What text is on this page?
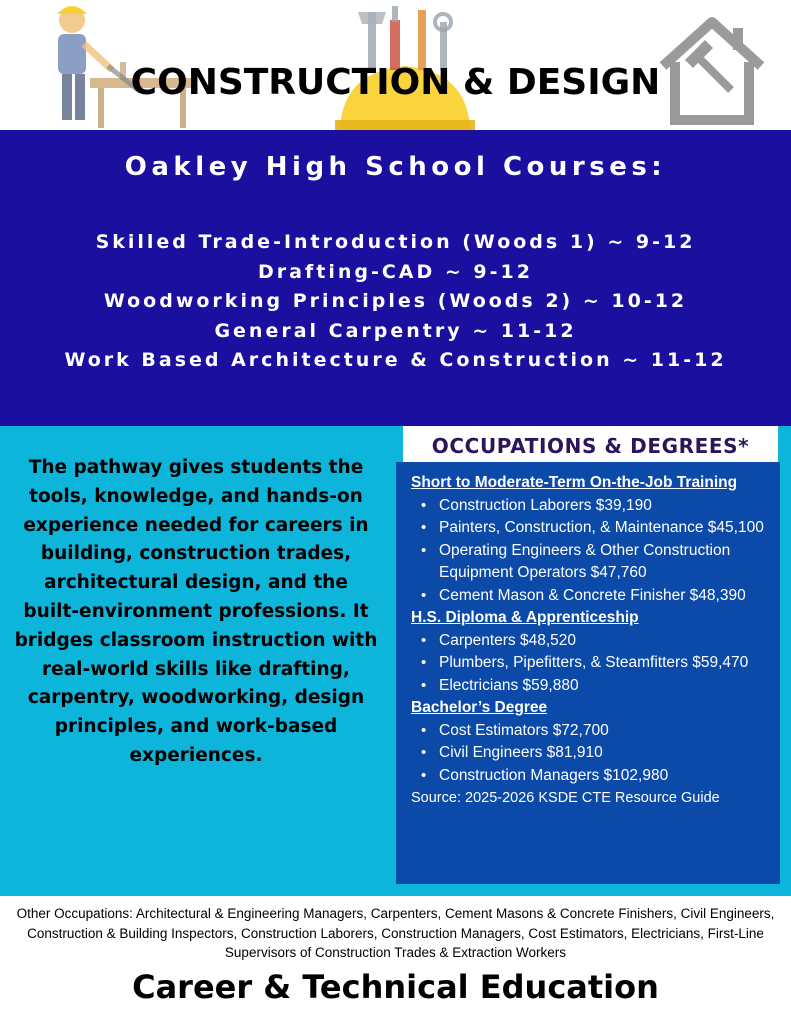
CONSTRUCTION & DESIGN
Oakley High School Courses:
Skilled Trade-Introduction (Woods 1) ~ 9-12
Drafting-CAD ~ 9-12
Woodworking Principles (Woods 2) ~ 10-12
General Carpentry ~ 11-12
Work Based Architecture & Construction ~ 11-12

The pathway gives students the tools, knowledge, and hands-on experience needed for careers in building, construction trades, architectural design, and the built-environment professions. It bridges classroom instruction with real-world skills like drafting, carpentry, woodworking, design principles, and work-based experiences.

OCCUPATIONS & DEGREES*

Short to Moderate-Term On-the-Job Training

• Construction Laborers $39,190
• Painters, Construction, & Maintenance $45,100
• Operating Engineers & Other Construction Equipment Operators $47,760
• Cement Mason & Concrete Finisher $48,390

H.S. Diploma & Apprenticeship

• Carpenters $48,520
• Plumbers, Pipefitters, & Steamfitters $59,470
• Electricians $59,880

Bachelor’s Degree

• Cost Estimators $72,700
• Civil Engineers $81,910
• Construction Managers $102,980

Source: 2025-2026 KSDE CTE Resource Guide

Other Occupations: Architectural & Engineering Managers, Carpenters, Cement Masons & Concrete Finishers, Civil Engineers, Construction & Building Inspectors, Construction Laborers, Construction Managers, Cost Estimators, Electricians, First-Line Supervisors of Construction Trades & Extraction Workers

Career & Technical Education
